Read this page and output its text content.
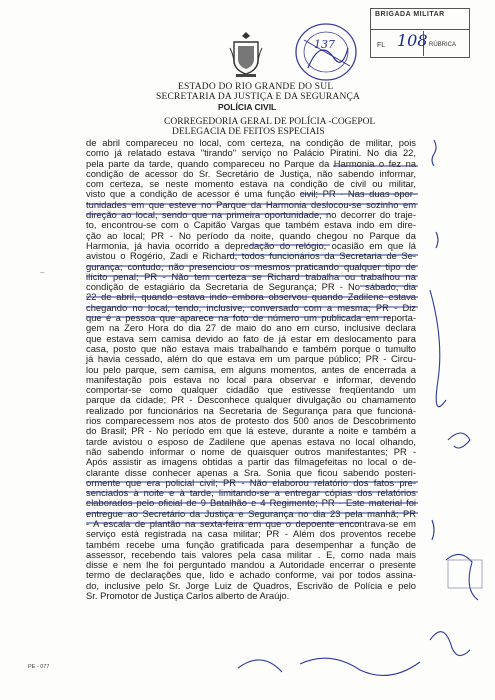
137
BRIGADA MILITAR
FL 108 RÚBRICA
ESTADO DO RIO GRANDE DO SUL
SECRETARIA DA JUSTIÇA E DA SEGURANÇA
POLÍCIA CIVIL
CORREGEDORIA GERAL DE POLÍCIA -COGEPOL
DELEGACIA DE FEITOS ESPECIAIS
de abril compareceu no local, com certeza, na condição de militar, pois
como já relatado estava "tirando" serviço no Palácio Piratini. No dia 22,
pela parte da tarde, quando compareceu no Parque da Harmonia o fez na
condição de acessor do Sr. Secretário de Justiça, não sabendo informar,
com certeza, se neste momento estava na condição de civil ou militar,
visto que a condição de acessor é uma função civil; PR - Nas duas opor-
tunidades em que esteve no Parque da Harmonia deslocou-se sozinho em
direção ao local, sendo que na primeira oportunidade, no decorrer do traje-
to, encontrou-se com o Capitão Vargas que também estava indo em dire-
ção ao local; PR - No período da noite, quando chegou no Parque da
Harmonia, já havia ocorrido a depredação do relógio, ocasião em que lá
avistou o Rogério, Zadi e Richard, todos funcionários da Secretaria de Se-
gurança; contudo, não presenciou os mesmos praticando qualquer tipo de
ilícito penal; PR - Não tem certeza se Richard trabalha ou trabalhou na
condição de estagiário da Secretaria de Segurança; PR - No sábado, dia
22 de abril, quando estava indo embora observou quando Zadilene estava
chegando no local, tendo, inclusive, conversado com a mesma; PR - Diz
que é a pessoa que aparece na foto de número um publicada em reporta-
gem na Zero Hora do dia 27 de maio do ano em curso, inclusive declara
que estava sem camisa devido ao fato de já estar em deslocamento para
casa, posto que não estava mais trabalhando e também porque o tumulto
já havia cessado, além do que estava em um parque público; PR - Circu-
lou pelo parque, sem camisa, em alguns momentos, antes de encerrada a
manifestação pois estava no local para observar e informar, devendo
comportar-se como qualquer cidadão que estivesse freqüentando um
parque da cidade; PR - Desconhece qualquer divulgação ou chamamento
realizado por funcionários na Secretaria de Segurança para que funcioná-
rios comparecessem nos atos de protesto dos 500 anos de Descobrimento
do Brasil; PR - No período em que lá esteve, durante a noite e também a
tarde avistou o esposo de Zadilene que apenas estava no local olhando,
não sabendo informar o nome de quaisquer outros manifestantes; PR -
Após assistir as imagens obtidas a partir das filmagefeitas no local o de-
clarante disse conhecer apenas a Sra. Sonia que ficou sabendo posteri-
ormente que era policial civil; PR - Não elaborou relatório dos fatos pre-
senciados à noite e à tarde, limitando-se a entregar cópias dos relatórios
elaborados pelo oficial de 9 Batalhão e 4 Regimento; PR - Este material foi
entregue ao Secretário da Justiça e Segurança no dia 23 pela manhã; PR
- A escala de plantão na sexta-feira em que o depoente encontrava-se em
serviço está registrada na casa militar; PR - Além dos proventos recebe
também recebe uma função gratificada para desempenhar a função de
assessor, recebendo tais valores pela casa militar . E, como nada mais
disse e nem lhe foi perguntado mandou a Autoridade encerrar o presente
termo de declarações que, lido e achado conforme, vai por todos assina-
do, inclusive pelo Sr. Jorge Luiz de Quadros, Escrivão de Polícia e pelo
Sr. Promotor de Justiça Carlos alberto de Araújo.
–
PE - 077
